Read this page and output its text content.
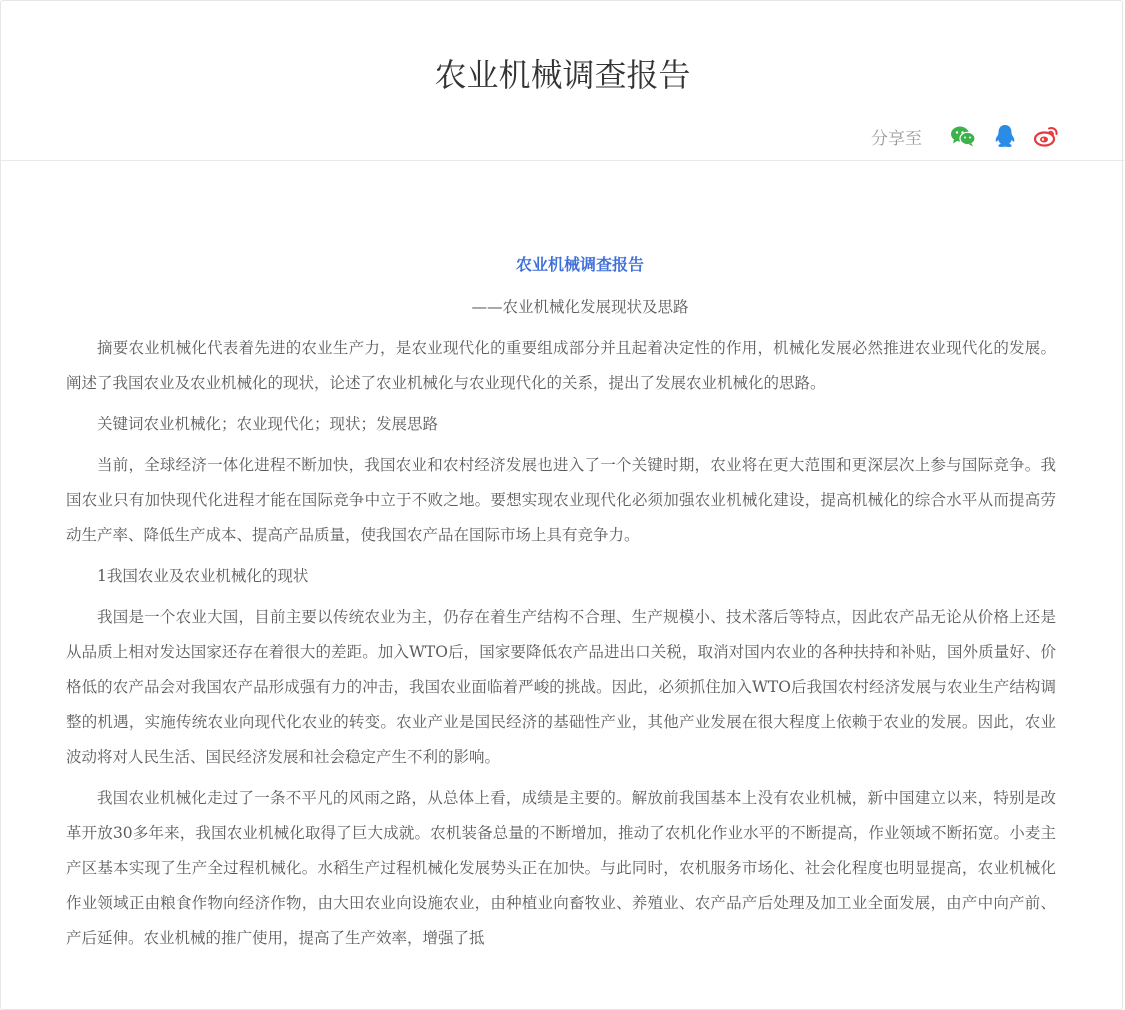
农业机械调查报告
分享至

农业机械调查报告

——农业机械化发展现状及思路

摘要农业机械化代表着先进的农业生产力，是农业现代化的重要组成部分并且起着决定性的作用，机械化发展必然推进农业现代化的发展。阐述了我国农业及农业机械化的现状，论述了农业机械化与农业现代化的关系，提出了发展农业机械化的思路。

关键词农业机械化；农业现代化；现状；发展思路

当前，全球经济一体化进程不断加快，我国农业和农村经济发展也进入了一个关键时期，农业将在更大范围和更深层次上参与国际竞争。我国农业只有加快现代化进程才能在国际竞争中立于不败之地。要想实现农业现代化必须加强农业机械化建设，提高机械化的综合水平从而提高劳动生产率、降低生产成本、提高产品质量，使我国农产品在国际市场上具有竞争力。

1我国农业及农业机械化的现状

我国是一个农业大国，目前主要以传统农业为主，仍存在着生产结构不合理、生产规模小、技术落后等特点，因此农产品无论从价格上还是从品质上相对发达国家还存在着很大的差距。加入WTO后，国家要降低农产品进出口关税，取消对国内农业的各种扶持和补贴，国外质量好、价格低的农产品会对我国农产品形成强有力的冲击，我国农业面临着严峻的挑战。因此，必须抓住加入WTO后我国农村经济发展与农业生产结构调整的机遇，实施传统农业向现代化农业的转变。农业产业是国民经济的基础性产业，其他产业发展在很大程度上依赖于农业的发展。因此，农业波动将对人民生活、国民经济发展和社会稳定产生不利的影响。

我国农业机械化走过了一条不平凡的风雨之路，从总体上看，成绩是主要的。解放前我国基本上没有农业机械，新中国建立以来，特别是改革开放30多年来，我国农业机械化取得了巨大成就。农机装备总量的不断增加，推动了农机化作业水平的不断提高，作业领域不断拓宽。小麦主产区基本实现了生产全过程机械化。水稻生产过程机械化发展势头正在加快。与此同时，农机服务市场化、社会化程度也明显提高，农业机械化作业领域正由粮食作物向经济作物，由大田农业向设施农业，由种植业向畜牧业、养殖业、农产品产后处理及加工业全面发展，由产中向产前、产后延伸。农业机械的推广使用，提高了生产效率，增强了抵
